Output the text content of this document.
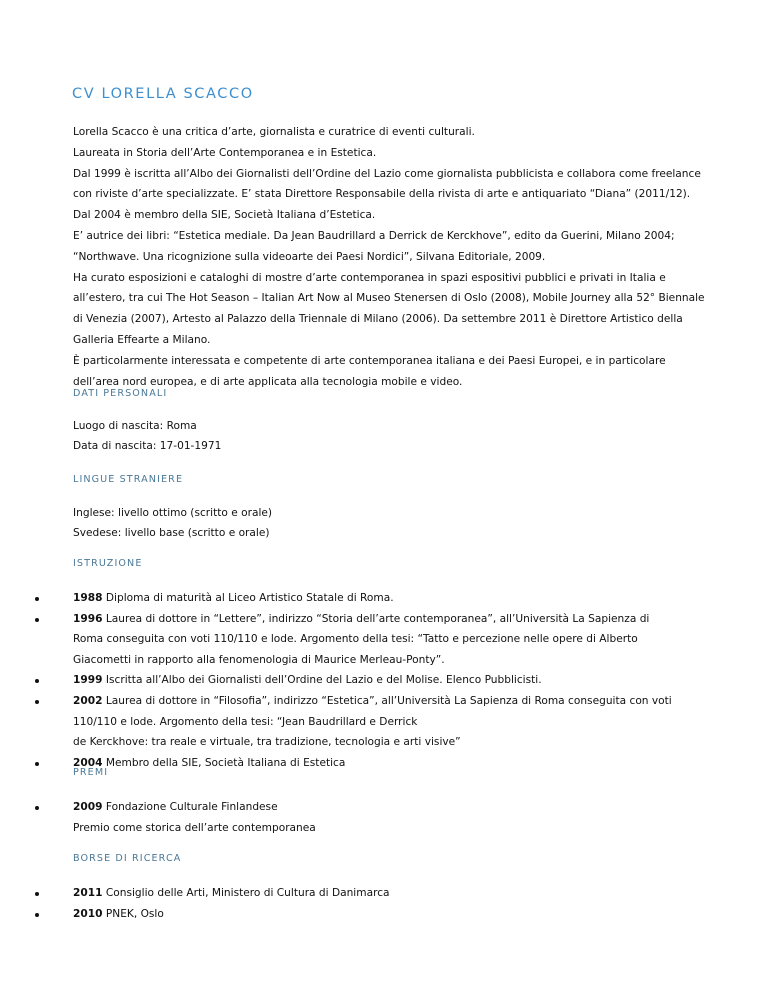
CV LORELLA SCACCO

Lorella Scacco è una critica d’arte, giornalista e curatrice di eventi culturali.

Laureata in Storia dell’Arte Contemporanea e in Estetica.

Dal 1999 è iscritta all’Albo dei Giornalisti dell’Ordine del Lazio come giornalista pubblicista e collabora come freelance con riviste d’arte specializzate. E’ stata Direttore Responsabile della rivista di arte e antiquariato “Diana” (2011/12).

Dal 2004 è membro della SIE, Società Italiana d’Estetica.

E’ autrice dei libri: “Estetica mediale. Da Jean Baudrillard a Derrick de Kerckhove”, edito da Guerini, Milano 2004; “Northwave. Una ricognizione sulla videoarte dei Paesi Nordici”, Silvana Editoriale, 2009.

Ha curato esposizioni e cataloghi di mostre d’arte contemporanea in spazi espositivi pubblici e privati in Italia e all’estero, tra cui The Hot Season – Italian Art Now al Museo Stenersen di Oslo (2008), Mobile Journey alla 52° Biennale di Venezia (2007), Artesto al Palazzo della Triennale di Milano (2006). Da settembre 2011 è Direttore Artistico della Galleria Effearte a Milano.

È particolarmente interessata e competente di arte contemporanea italiana e dei Paesi Europei, e in particolare dell’area nord europea, e di arte applicata alla tecnologia mobile e video.

DATI PERSONALI
Luogo di nascita: Roma
Data di nascita: 17-01-1971
LINGUE STRANIERE
Inglese: livello ottimo (scritto e orale)
Svedese: livello base (scritto e orale)
ISTRUZIONE
1988 Diploma di maturità al Liceo Artistico Statale di Roma.
1996 Laurea di dottore in “Lettere”, indirizzo “Storia dell’arte contemporanea”, all’Università La Sapienza di
Roma conseguita con voti 110/110 e lode. Argomento della tesi: “Tatto e percezione nelle opere di Alberto
Giacometti in rapporto alla fenomenologia di Maurice Merleau-Ponty”.
1999 Iscritta all’Albo dei Giornalisti dell’Ordine del Lazio e del Molise. Elenco Pubblicisti.
2002 Laurea di dottore in “Filosofia”, indirizzo “Estetica”, all’Università La Sapienza di Roma conseguita con voti
110/110 e lode. Argomento della tesi: “Jean Baudrillard e Derrick
de Kerckhove: tra reale e virtuale, tra tradizione, tecnologia e arti visive”
2004 Membro della SIE, Società Italiana di Estetica
PREMI
2009 Fondazione Culturale Finlandese
Premio come storica dell’arte contemporanea
BORSE DI RICERCA
2011 Consiglio delle Arti, Ministero di Cultura di Danimarca
2010 PNEK, Oslo
